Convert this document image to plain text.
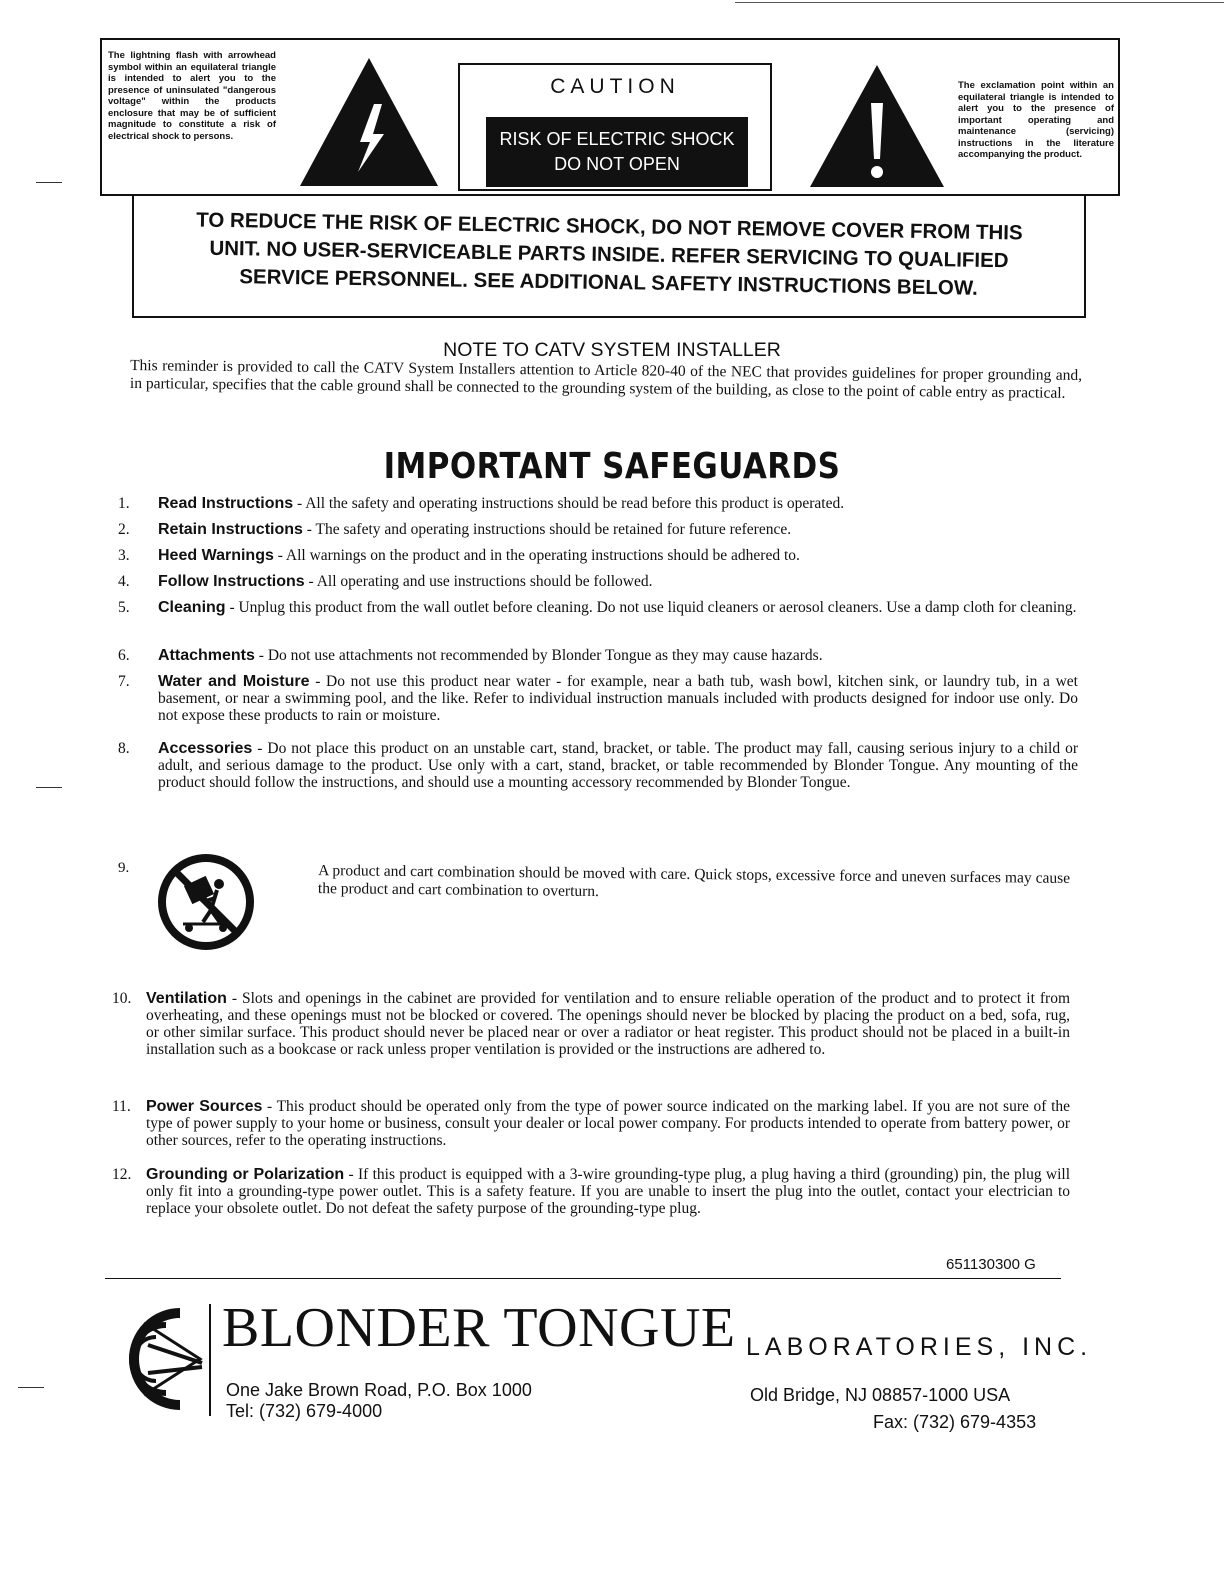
The lightning flash with arrowhead symbol within an equilateral triangle is intended to alert you to the presence of uninsulated "dangerous voltage" within the products enclosure that may be of sufficient magnitude to constitute a risk of electrical shock to persons.
CAUTION
RISK OF ELECTRIC SHOCK
DO NOT OPEN
The exclamation point within an equilateral triangle is intended to alert you to the presence of important operating and maintenance (servicing) instructions in the literature accompanying the product.
TO REDUCE THE RISK OF ELECTRIC SHOCK, DO NOT REMOVE COVER FROM THIS
UNIT. NO USER-SERVICEABLE PARTS INSIDE. REFER SERVICING TO QUALIFIED
SERVICE PERSONNEL. SEE ADDITIONAL SAFETY INSTRUCTIONS BELOW.
NOTE TO CATV SYSTEM INSTALLER
This reminder is provided to call the CATV System Installers attention to Article 820-40 of the NEC that provides guidelines for proper grounding and, in particular, specifies that the cable ground shall be connected to the grounding system of the building, as close to the point of cable entry as practical.
IMPORTANT SAFEGUARDS
1.	Read Instructions - All the safety and operating instructions should be read before this product is operated.
2.	Retain Instructions - The safety and operating instructions should be retained for future reference.
3.	Heed Warnings - All warnings on the product and in the operating instructions should be adhered to.
4.	Follow Instructions - All operating and use instructions should be followed.
5.	Cleaning - Unplug this product from the wall outlet before cleaning. Do not use liquid cleaners or aerosol cleaners. Use a damp cloth for cleaning.
6.	Attachments - Do not use attachments not recommended by Blonder Tongue as they may cause hazards.
7.	Water and Moisture - Do not use this product near water - for example, near a bath tub, wash bowl, kitchen sink, or laundry tub, in a wet basement, or near a swimming pool, and the like. Refer to individual instruction manuals included with products designed for indoor use only. Do not expose these products to rain or moisture.
8.	Accessories - Do not place this product on an unstable cart, stand, bracket, or table. The product may fall, causing serious injury to a child or adult, and serious damage to the product. Use only with a cart, stand, bracket, or table recommended by Blonder Tongue. Any mounting of the product should follow the instructions, and should use a mounting accessory recommended by Blonder Tongue.
9.	A product and cart combination should be moved with care. Quick stops, excessive force and uneven surfaces may cause the product and cart combination to overturn.
10. Ventilation - Slots and openings in the cabinet are provided for ventilation and to ensure reliable operation of the product and to protect it from overheating, and these openings must not be blocked or covered. The openings should never be blocked by placing the product on a bed, sofa, rug, or other similar surface. This product should never be placed near or over a radiator or heat register. This product should not be placed in a built-in installation such as a bookcase or rack unless proper ventilation is provided or the instructions are adhered to.
11. Power Sources - This product should be operated only from the type of power source indicated on the marking label. If you are not sure of the type of power supply to your home or business, consult your dealer or local power company. For products intended to operate from battery power, or other sources, refer to the operating instructions.
12. Grounding or Polarization - If this product is equipped with a 3-wire grounding-type plug, a plug having a third (grounding) pin, the plug will only fit into a grounding-type power outlet. This is a safety feature. If you are unable to insert the plug into the outlet, contact your electrician to replace your obsolete outlet. Do not defeat the safety purpose of the grounding-type plug.
651130300 G
BLONDER TONGUE LABORATORIES, INC.
One Jake Brown Road, P.O. Box 1000
Tel: (732) 679-4000
Old Bridge, NJ 08857-1000 USA
Fax: (732) 679-4353
